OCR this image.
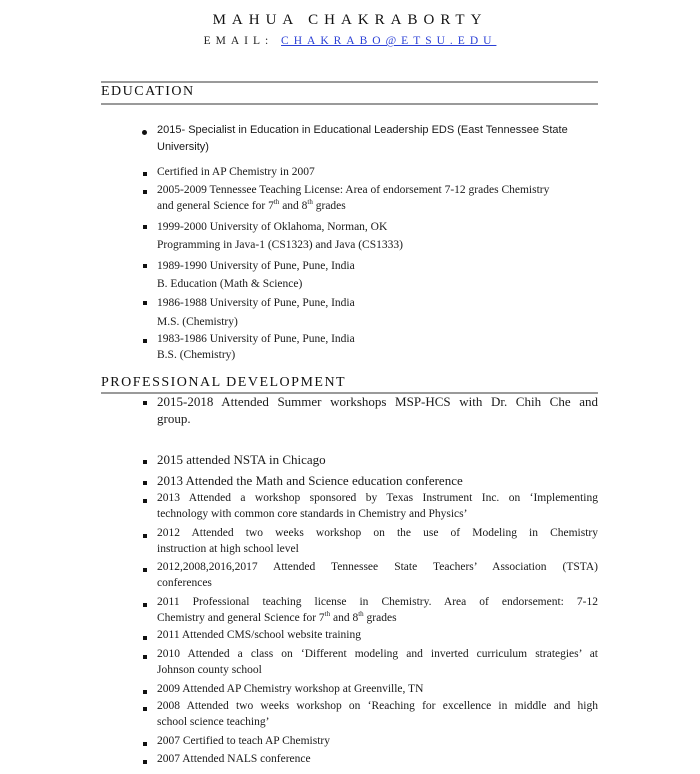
MAHUA CHAKRABORTY
EMAIL: CHAKRABO@ETSU.EDU
EDUCATION
2015- Specialist in Education in Educational Leadership EDS (East Tennessee State
University)
Certified in AP Chemistry in 2007
2005-2009 Tennessee Teaching License: Area of endorsement 7-12 grades Chemistry
and general Science for 7th and 8th grades
1999-2000 University of Oklahoma, Norman, OK
Programming in Java-1 (CS1323) and Java (CS1333)
1989-1990 University of Pune, Pune, India
B. Education (Math & Science)
1986-1988 University of Pune, Pune, India
M.S. (Chemistry)
1983-1986 University of Pune, Pune, India
B.S. (Chemistry)
PROFESSIONAL DEVELOPMENT
2015-2018 Attended Summer workshops MSP-HCS with Dr. Chih Che and
group.
2015 attended NSTA in Chicago
2013 Attended the Math and Science education conference
2013 Attended a workshop sponsored by Texas Instrument Inc. on ‘Implementing
technology with common core standards in Chemistry and Physics’
2012 Attended two weeks workshop on the use of Modeling in Chemistry
instruction at high school level
2012,2008,2016,2017 Attended Tennessee State Teachers’ Association (TSTA)
conferences
2011 Professional teaching license in Chemistry. Area of endorsement: 7-12
Chemistry and general Science for 7th and 8th grades
2011 Attended CMS/school website training
2010 Attended a class on ‘Different modeling and inverted curriculum strategies’ at
Johnson county school
2009 Attended AP Chemistry workshop at Greenville, TN
2008 Attended two weeks workshop on ‘Reaching for excellence in middle and high
school science teaching’
2007 Certified to teach AP Chemistry
2007 Attended NALS conference
